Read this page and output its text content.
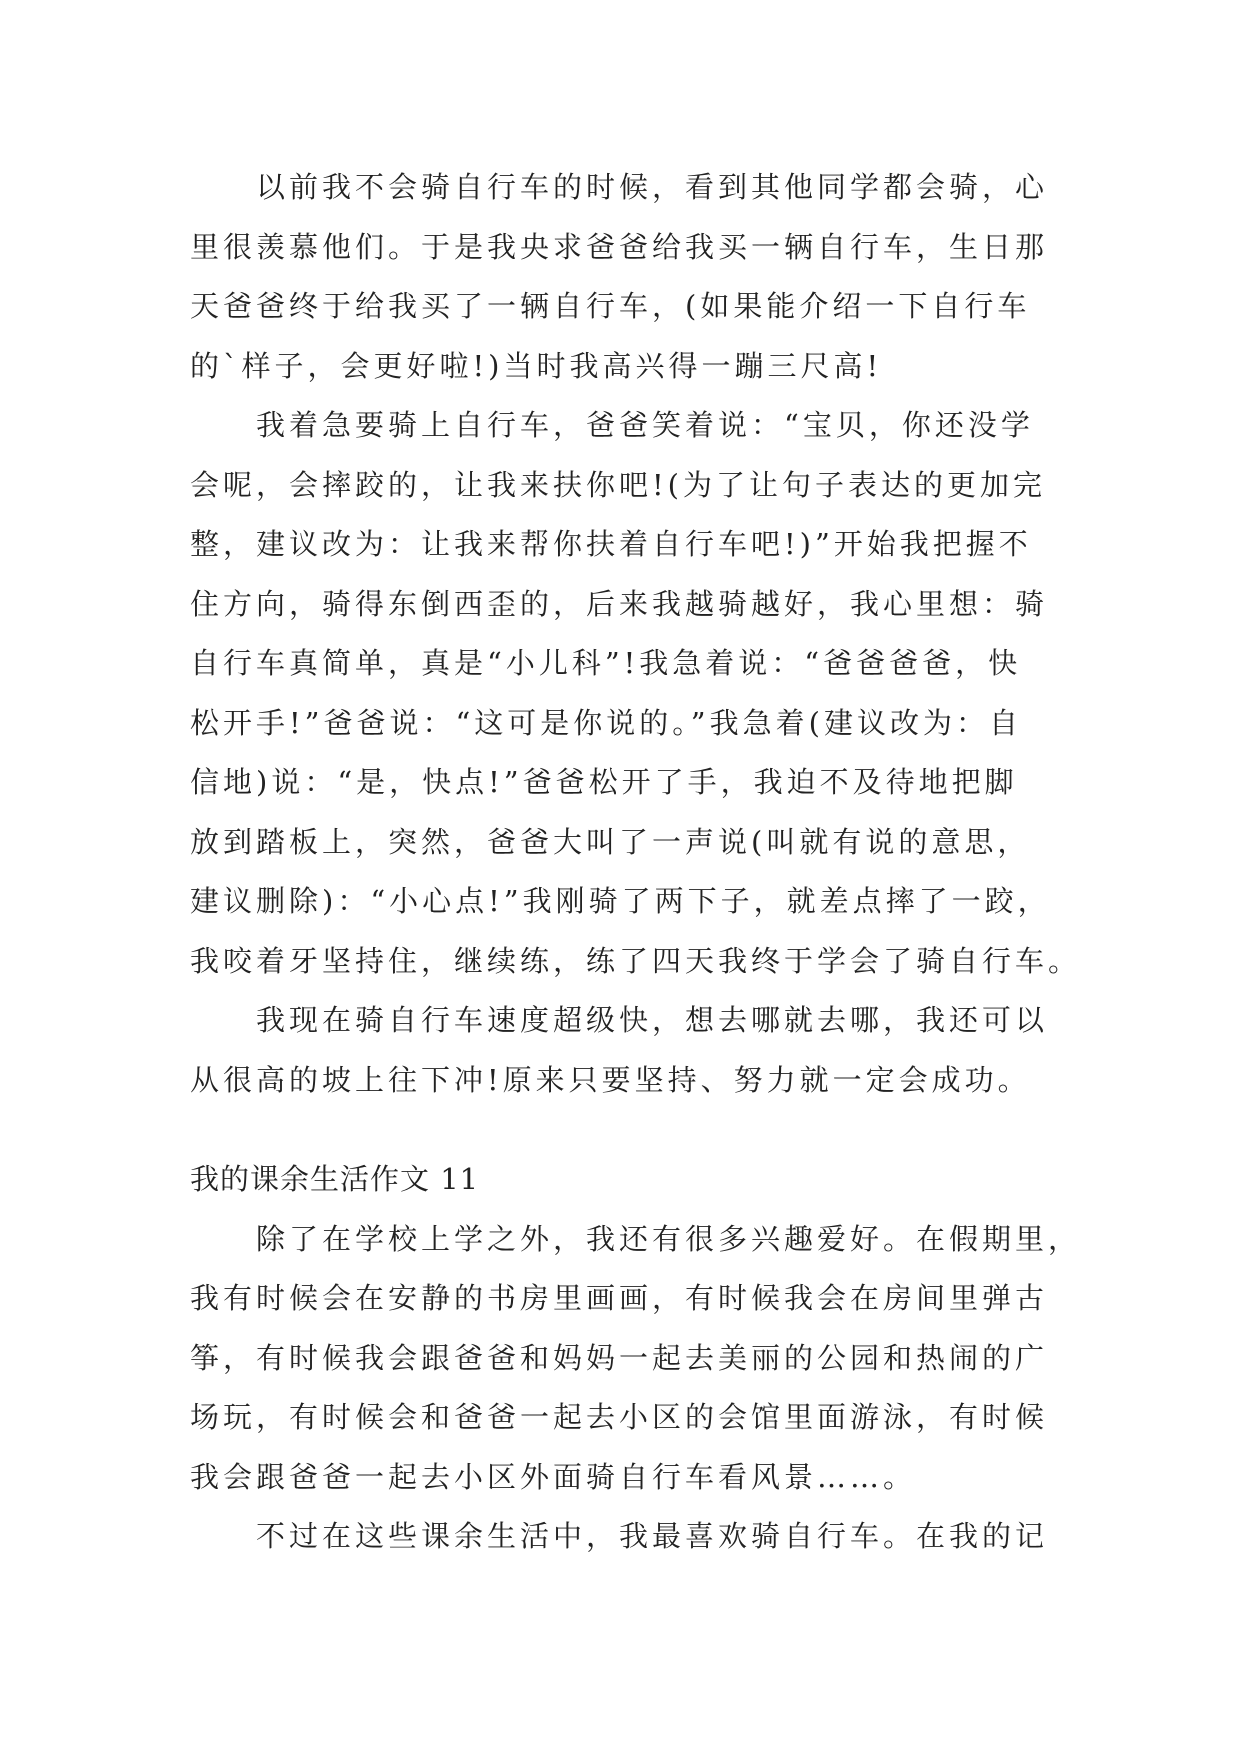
以前我不会骑自行车的时候，看到其他同学都会骑，心
里很羡慕他们。于是我央求爸爸给我买一辆自行车，生日那
天爸爸终于给我买了一辆自行车，(如果能介绍一下自行车
的`样子，会更好啦!)当时我高兴得一蹦三尺高!

我着急要骑上自行车，爸爸笑着说：“宝贝，你还没学
会呢，会摔跤的，让我来扶你吧!(为了让句子表达的更加完
整，建议改为：让我来帮你扶着自行车吧!)”开始我把握不
住方向，骑得东倒西歪的，后来我越骑越好，我心里想：骑
自行车真简单，真是“小儿科”!我急着说：“爸爸爸爸，快
松开手!”爸爸说：“这可是你说的。”我急着(建议改为：自
信地)说：“是，快点!”爸爸松开了手，我迫不及待地把脚
放到踏板上，突然，爸爸大叫了一声说(叫就有说的意思，
建议删除)：“小心点!”我刚骑了两下子，就差点摔了一跤，
我咬着牙坚持住，继续练，练了四天我终于学会了骑自行车。

我现在骑自行车速度超级快，想去哪就去哪，我还可以
从很高的坡上往下冲!原来只要坚持、努力就一定会成功。

我的课余生活作文 11

除了在学校上学之外，我还有很多兴趣爱好。在假期里，
我有时候会在安静的书房里画画，有时候我会在房间里弹古
筝，有时候我会跟爸爸和妈妈一起去美丽的公园和热闹的广
场玩，有时候会和爸爸一起去小区的会馆里面游泳，有时候
我会跟爸爸一起去小区外面骑自行车看风景……。

不过在这些课余生活中，我最喜欢骑自行车。在我的记
